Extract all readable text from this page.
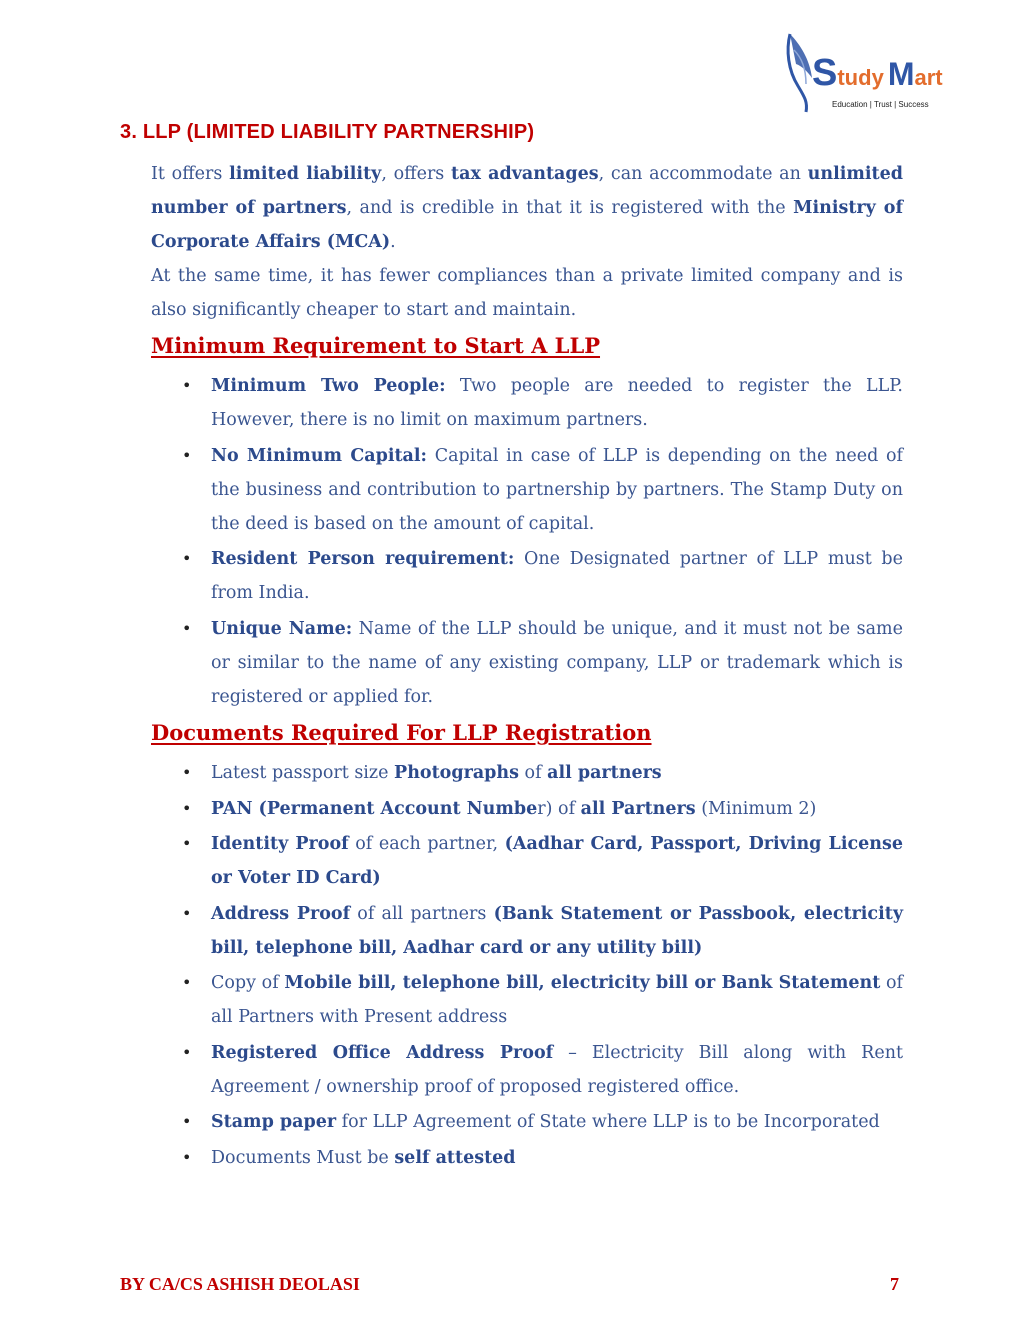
Study Mart
Education | Trust | Success
3. LLP (LIMITED LIABILITY PARTNERSHIP)

It offers limited liability, offers tax advantages, can accommodate an unlimited number of partners, and is credible in that it is registered with the Ministry of Corporate Affairs (MCA).

At the same time, it has fewer compliances than a private limited company and is also significantly cheaper to start and maintain.

Minimum Requirement to Start A LLP
• Minimum Two People: Two people are needed to register the LLP. However, there is no limit on maximum partners.
• No Minimum Capital: Capital in case of LLP is depending on the need of the business and contribution to partnership by partners. The Stamp Duty on the deed is based on the amount of capital.
• Resident Person requirement: One Designated partner of LLP must be from India.
• Unique Name: Name of the LLP should be unique, and it must not be same or similar to the name of any existing company, LLP or trademark which is registered or applied for.
Documents Required For LLP Registration
• Latest passport size Photographs of all partners
• PAN (Permanent Account Number) of all Partners (Minimum 2)
• Identity Proof of each partner, (Aadhar Card, Passport, Driving License or Voter ID Card)
• Address Proof of all partners (Bank Statement or Passbook, electricity bill, telephone bill, Aadhar card or any utility bill)
• Copy of Mobile bill, telephone bill, electricity bill or Bank Statement of all Partners with Present address
• Registered Office Address Proof – Electricity Bill along with Rent Agreement / ownership proof of proposed registered office.
• Stamp paper for LLP Agreement of State where LLP is to be Incorporated
• Documents Must be self attested
BY CA/CS ASHISH DEOLASI	7
